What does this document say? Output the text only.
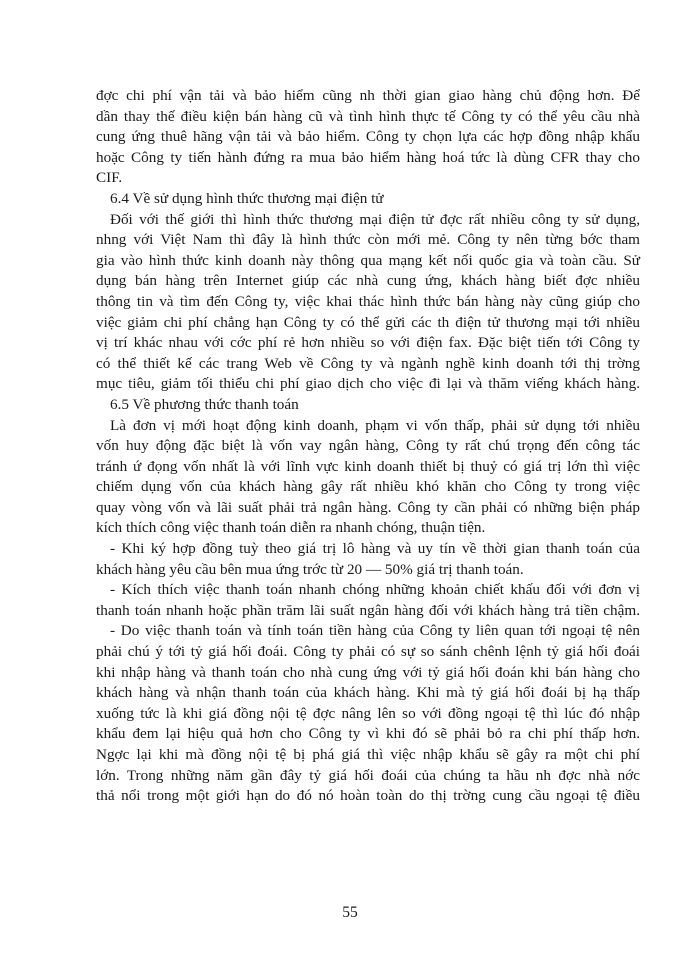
đợc chi phí vận tải và bảo hiểm cũng nh thời gian giao hàng chủ động hơn. Để
dần thay thế điều kiện bán hàng cũ và tình hình thực tế Công ty có thể yêu cầu nhà
cung ứng thuê hãng vận tải và bảo hiểm. Công ty chọn lựa các hợp đồng nhập khẩu
hoặc Công ty tiến hành đứng ra mua bảo hiểm hàng hoá tức là dùng CFR thay cho
CIF.
6.4 Về sử dụng hình thức thương mại điện tử
Đối với thế giới thì hình thức thương mại điện tử đợc rất nhiều công ty sử dụng,
nhng với Việt Nam thì đây là hình thức còn mới mẻ. Công ty nên từng bớc tham
gia vào hình thức kinh doanh này thông qua mạng kết nối quốc gia và toàn cầu. Sử
dụng bán hàng trên Internet giúp các nhà cung ứng, khách hàng biết đợc nhiều
thông tin và tìm đến Công ty, việc khai thác hình thức bán hàng này cũng giúp cho
việc giảm chi phí chẳng hạn Công ty có thể gửi các th điện tử thương mại tới nhiều
vị trí khác nhau với cớc phí rẻ hơn nhiều so với điện fax. Đặc biệt tiến tới Công ty
có thể thiết kế các trang Web về Công ty và ngành nghề kinh doanh tới thị trờng
mục tiêu, giảm tối thiểu chi phí giao dịch cho việc đi lại và thăm viếng khách hàng.
6.5 Về phương thức thanh toán
Là đơn vị mới hoạt động kinh doanh, phạm vi vốn thấp, phải sử dụng tới nhiều
vốn huy động đặc biệt là vốn vay ngân hàng, Công ty rất chú trọng đến công tác
tránh ứ đọng vốn nhất là với lĩnh vực kinh doanh thiết bị thuỷ có giá trị lớn thì việc
chiếm dụng vốn của khách hàng gây rất nhiều khó khăn cho Công ty trong việc
quay vòng vốn và lãi suất phải trả ngân hàng. Công ty cần phải có những biện pháp
kích thích công việc thanh toán diễn ra nhanh chóng, thuận tiện.
- Khi ký hợp đồng tuỳ theo giá trị lô hàng và uy tín về thời gian thanh toán của
khách hàng yêu cầu bên mua ứng trớc từ 20 — 50% giá trị thanh toán.
- Kích thích việc thanh toán nhanh chóng những khoản chiết khấu đối với đơn vị
thanh toán nhanh hoặc phần trăm lãi suất ngân hàng đối với khách hàng trả tiền chậm.
- Do việc thanh toán và tính toán tiền hàng của Công ty liên quan tới ngoại tệ nên
phải chú ý tới tỷ giá hối đoái. Công ty phải có sự so sánh chênh lệnh tỷ giá hối đoái
khi nhập hàng và thanh toán cho nhà cung ứng với tỷ giá hối đoán khi bán hàng cho
khách hàng và nhận thanh toán của khách hàng. Khi mà tỷ giá hối đoái bị hạ thấp
xuống tức là khi giá đồng nội tệ đợc nâng lên so với đồng ngoại tệ thì lúc đó nhập
khẩu đem lại hiệu quả hơn cho Công ty vì khi đó sẽ phải bỏ ra chi phí thấp hơn.
Ngợc lại khi mà đồng nội tệ bị phá giá thì việc nhập khẩu sẽ gây ra một chi phí
lớn. Trong những năm gần đây tỷ giá hối đoái của chúng ta hầu nh đợc nhà nớc
thả nổi trong một giới hạn do đó nó hoàn toàn do thị trờng cung cầu ngoại tệ điều
55
